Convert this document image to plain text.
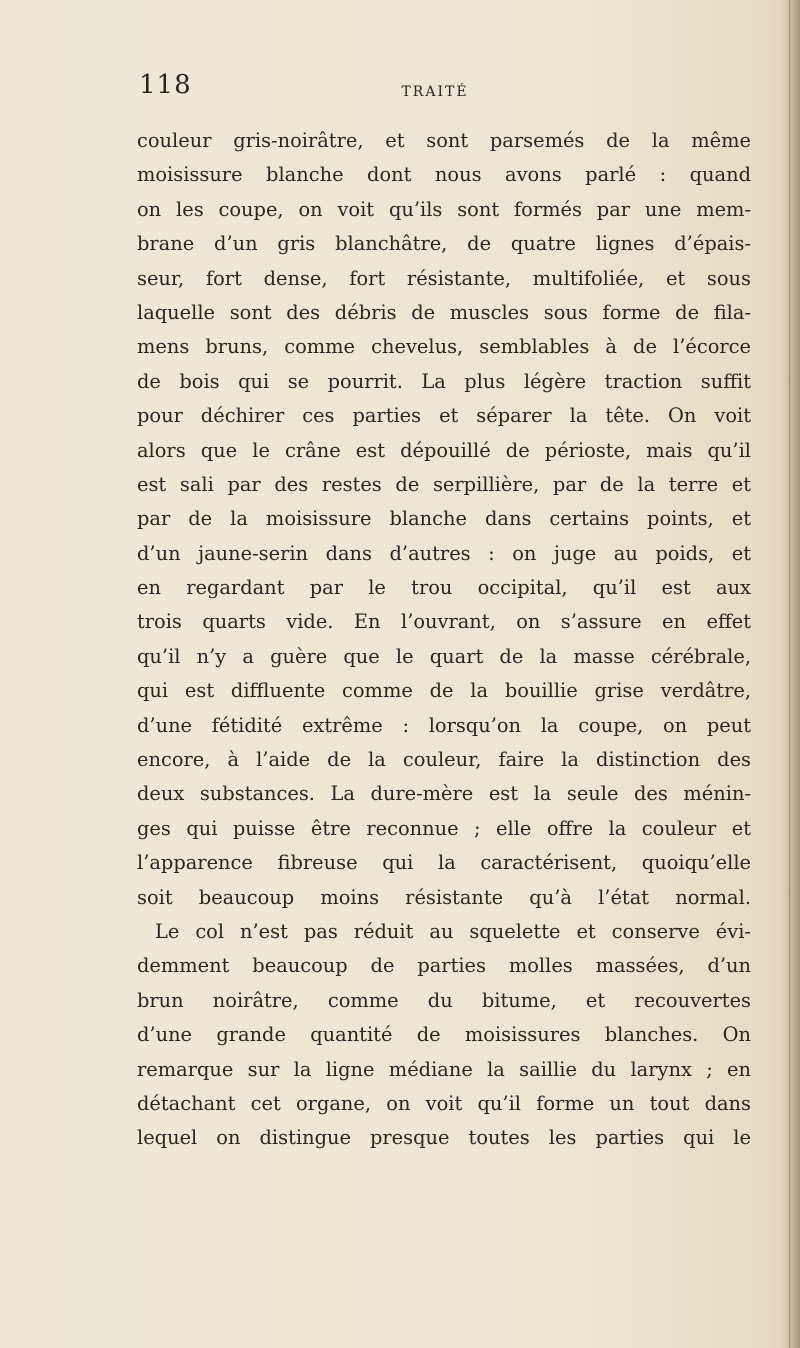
118	TRAITÉ
couleur gris-noirâtre, et sont parsemés de la même
moisissure blanche dont nous avons parlé : quand
on les coupe, on voit qu’ils sont formés par une mem-
brane d’un gris blanchâtre, de quatre lignes d’épais-
seur, fort dense, fort résistante, multifoliée, et sous
laquelle sont des débris de muscles sous forme de fila-
mens bruns, comme chevelus, semblables à de l’écorce
de bois qui se pourrit. La plus légère traction suffit
pour déchirer ces parties et séparer la tête. On voit
alors que le crâne est dépouillé de périoste, mais qu’il
est sali par des restes de serpillière, par de la terre et
par de la moisissure blanche dans certains points, et
d’un jaune-serin dans d’autres : on juge au poids, et
en regardant par le trou occipital, qu’il est aux
trois quarts vide. En l’ouvrant, on s’assure en effet
qu’il n’y a guère que le quart de la masse cérébrale,
qui est diffluente comme de la bouillie grise verdâtre,
d’une fétidité extrême : lorsqu’on la coupe, on peut
encore, à l’aide de la couleur, faire la distinction des
deux substances. La dure-mère est la seule des ménin-
ges qui puisse être reconnue ; elle offre la couleur et
l’apparence fibreuse qui la caractérisent, quoiqu’elle
soit beaucoup moins résistante qu’à l’état normal.
Le col n’est pas réduit au squelette et conserve évi-
demment beaucoup de parties molles massées, d’un
brun noirâtre, comme du bitume, et recouvertes
d’une grande quantité de moisissures blanches. On
remarque sur la ligne médiane la saillie du larynx ; en
détachant cet organe, on voit qu’il forme un tout dans
lequel on distingue presque toutes les parties qui le
